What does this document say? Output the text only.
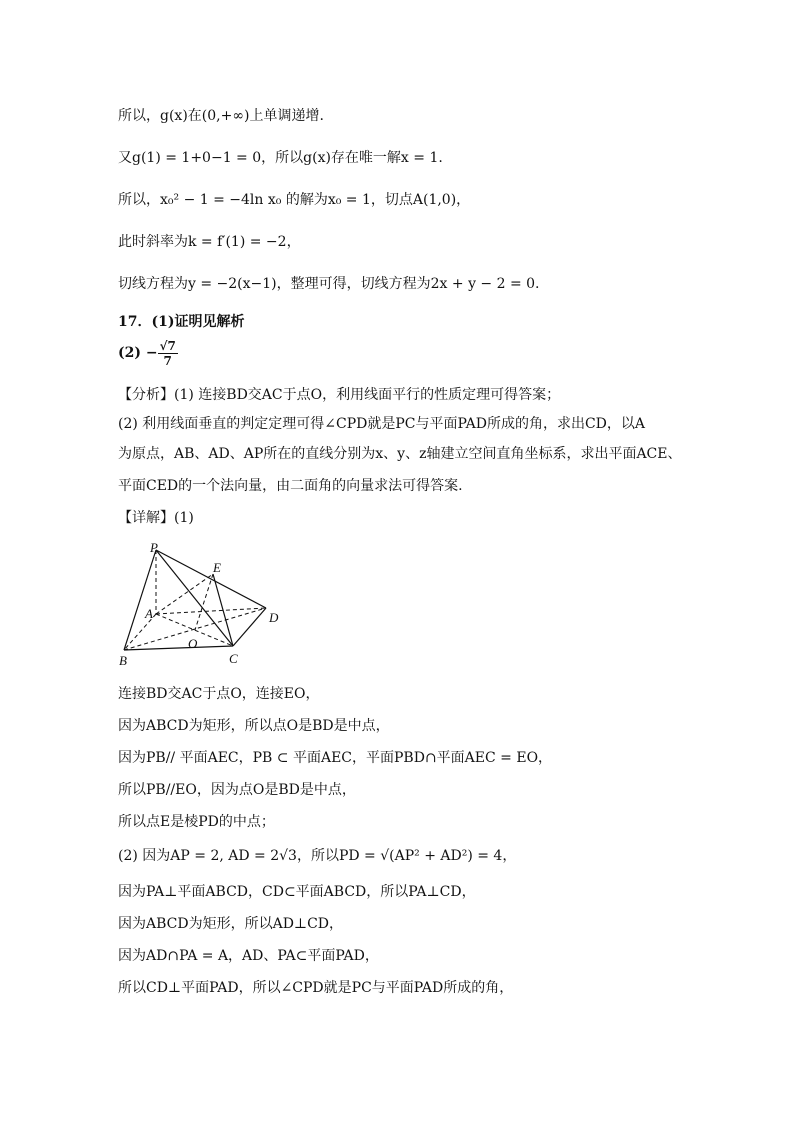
所以，g(x)在(0,+∞)上单调递增.
又g(1) = 1+0−1 = 0，所以g(x)存在唯一解x = 1.
所以，x₀² − 1 = −4ln x₀ 的解为x₀ = 1，切点A(1,0)，
此时斜率为k = f′(1) = −2，
切线方程为y = −2(x−1)，整理可得，切线方程为2x + y − 2 = 0.
17．(1)证明见解析
$(2) - \frac{√7}{7}$
【分析】(1) 连接BD交AC于点O，利用线面平行的性质定理可得答案；
(2) 利用线面垂直的判定定理可得∠CPD就是PC与平面PAD所成的角，求出CD，以A
为原点，AB、AD、AP所在的直线分别为x、y、z轴建立空间直角坐标系，求出平面ACE、
平面CED的一个法向量，由二面角的向量求法可得答案.
【详解】(1)
P
E
A	D
O
B	C
连接BD交AC于点O，连接EO，
因为ABCD为矩形，所以点O是BD是中点，
因为PB// 平面AEC，PB ⊂ 平面AEC，平面PBD∩平面AEC = EO，
所以PB//EO，因为点O是BD是中点，
所以点E是棱PD的中点；
(2) 因为AP = 2, AD = 2√3，所以PD = √(AP² + AD²) = 4，
因为PA⊥平面ABCD，CD⊂平面ABCD，所以PA⊥CD，
因为ABCD为矩形，所以AD⊥CD，
因为AD∩PA = A，AD、PA⊂平面PAD，
所以CD⊥平面PAD，所以∠CPD就是PC与平面PAD所成的角，
